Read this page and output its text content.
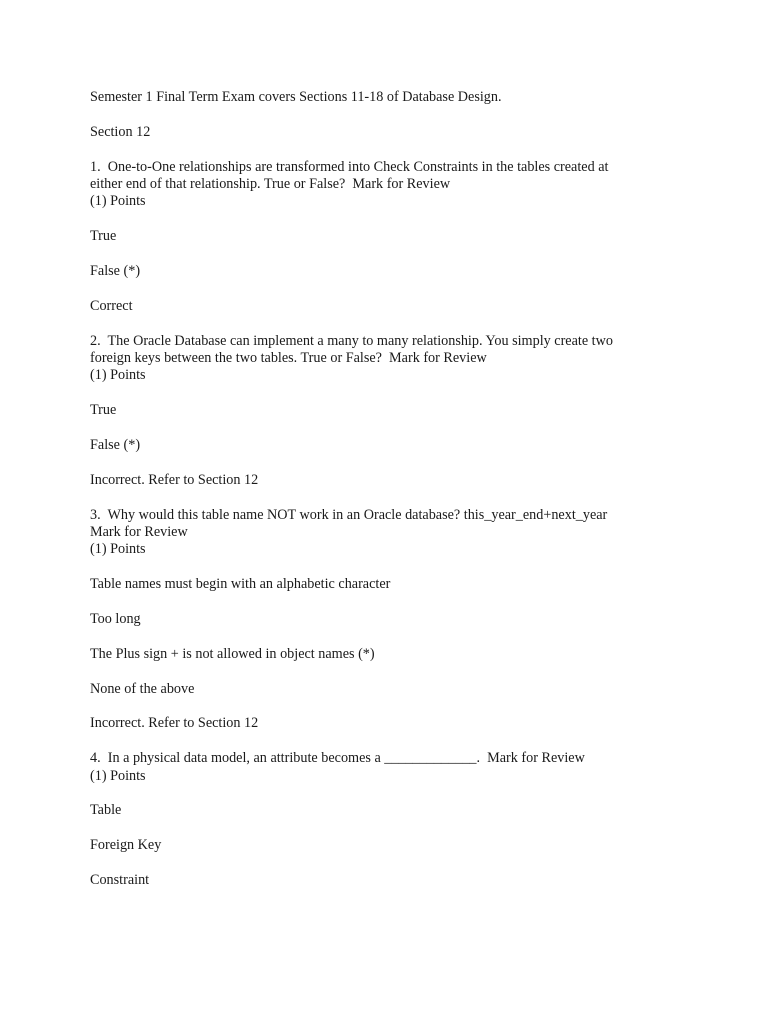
Semester 1 Final Term Exam covers Sections 11-18 of Database Design.

Section 12

1.  One-to-One relationships are transformed into Check Constraints in the tables created at
either end of that relationship. True or False?  Mark for Review
(1) Points

True

False (*)

Correct

2.  The Oracle Database can implement a many to many relationship. You simply create two
foreign keys between the two tables. True or False?  Mark for Review
(1) Points

True

False (*)

Incorrect. Refer to Section 12

3.  Why would this table name NOT work in an Oracle database? this_year_end+next_year
Mark for Review
(1) Points

Table names must begin with an alphabetic character

Too long

The Plus sign + is not allowed in object names (*)

None of the above

Incorrect. Refer to Section 12

4.  In a physical data model, an attribute becomes a _____________.  Mark for Review
(1) Points

Table

Foreign Key

Constraint
